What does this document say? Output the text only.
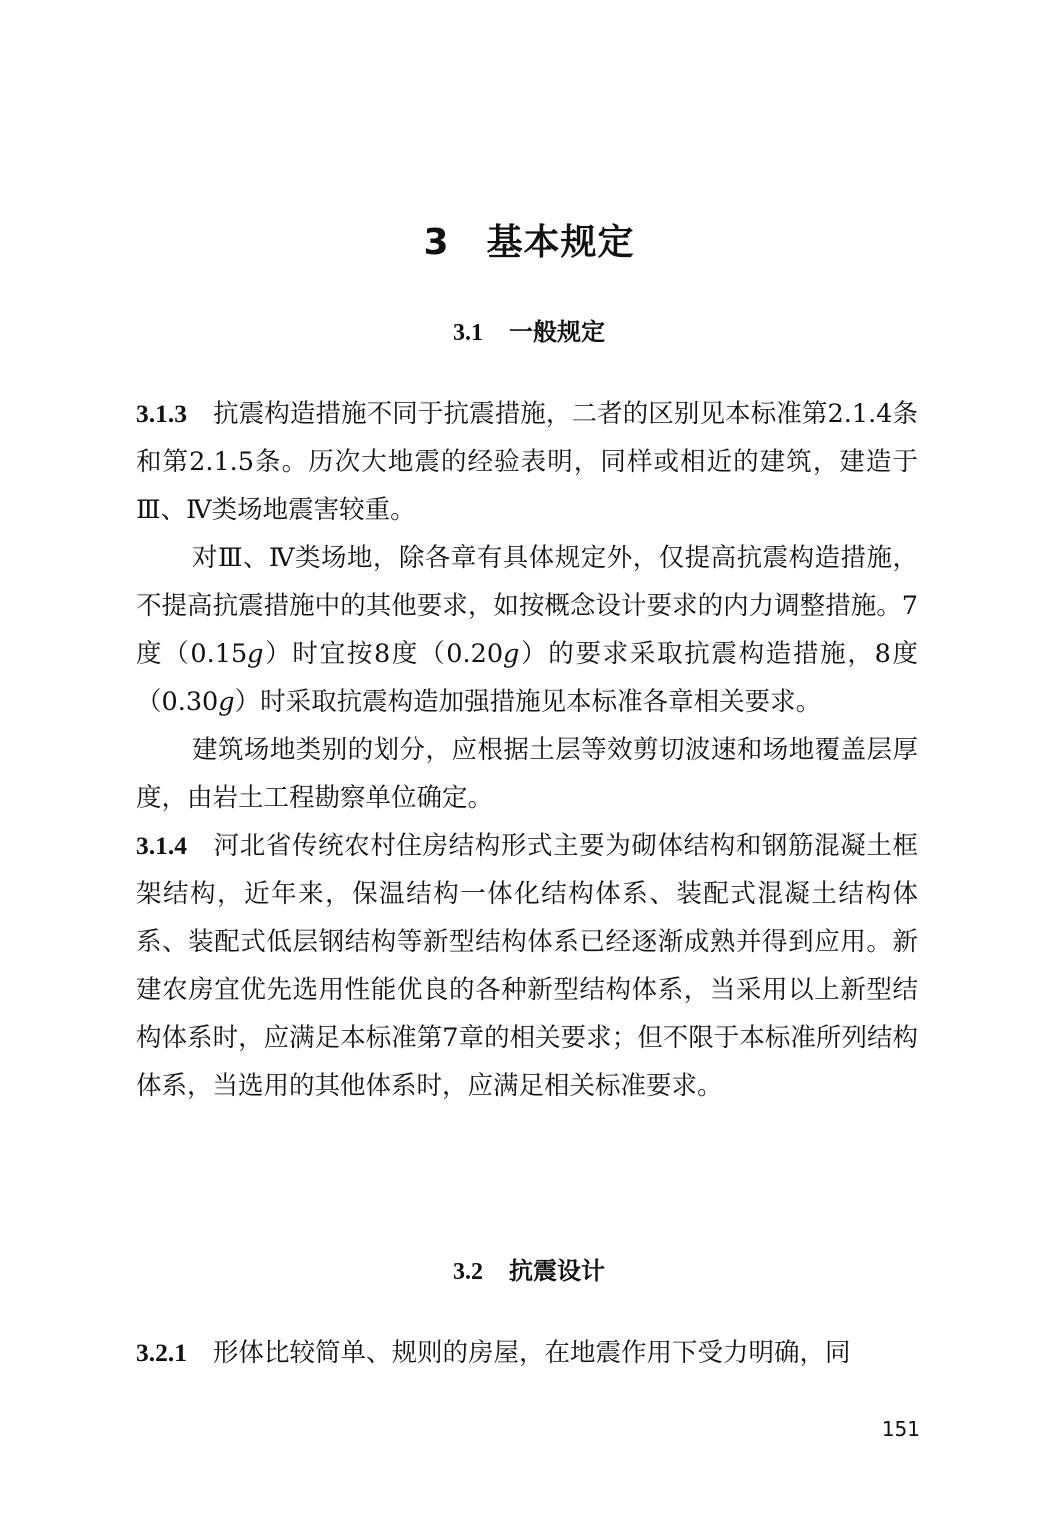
3　基本规定
3.1 一般规定

3.1.3 抗震构造措施不同于抗震措施，二者的区别见本标准第2.1.4条和第2.1.5条。历次大地震的经验表明，同样或相近的建筑，建造于Ⅲ、Ⅳ类场地震害较重。

对Ⅲ、Ⅳ类场地，除各章有具体规定外，仅提高抗震构造措施，不提高抗震措施中的其他要求，如按概念设计要求的内力调整措施。7度（0.15g）时宜按8度（0.20g）的要求采取抗震构造措施，8度（0.30g）时采取抗震构造加强措施见本标准各章相关要求。

建筑场地类别的划分，应根据土层等效剪切波速和场地覆盖层厚度，由岩土工程勘察单位确定。

3.1.4 河北省传统农村住房结构形式主要为砌体结构和钢筋混凝土框架结构，近年来，保温结构一体化结构体系、装配式混凝土结构体系、装配式低层钢结构等新型结构体系已经逐渐成熟并得到应用。新建农房宜优先选用性能优良的各种新型结构体系，当采用以上新型结构体系时，应满足本标准第7章的相关要求；但不限于本标准所列结构体系，当选用的其他体系时，应满足相关标准要求。

3.2 抗震设计

3.2.1 形体比较简单、规则的房屋，在地震作用下受力明确，同

151
